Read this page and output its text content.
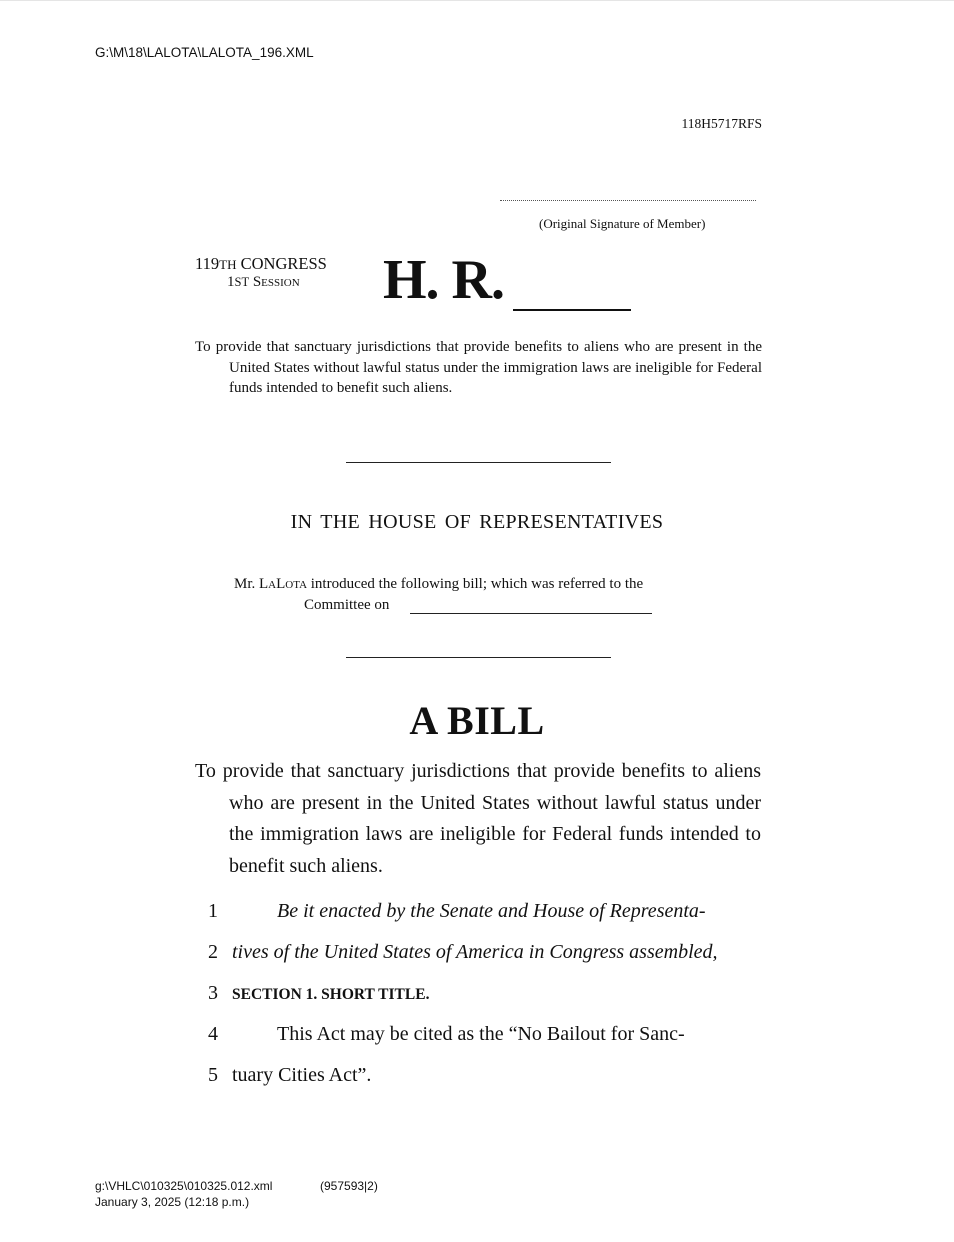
G:\M\18\LALOTA\LALOTA_196.XML
118H5717RFS
(Original Signature of Member)
119TH CONGRESS
1ST Session H. R.

To provide that sanctuary jurisdictions that provide benefits to aliens who are present in the United States without lawful status under the immigration laws are ineligible for Federal funds intended to benefit such aliens.

IN THE HOUSE OF REPRESENTATIVES
Mr. LaLota introduced the following bill; which was referred to the
Committee on
A BILL

To provide that sanctuary jurisdictions that provide benefits to aliens who are present in the United States without lawful status under the immigration laws are ineligible for Federal funds intended to benefit such aliens.

1	Be it enacted by the Senate and House of Representa-
2 tives of the United States of America in Congress assembled,
3 SECTION 1. SHORT TITLE.
4	This Act may be cited as the “No Bailout for Sanc-
5 tuary Cities Act”.
g:\VHLC\010325\010325.012.xml	(957593|2)
January 3, 2025 (12:18 p.m.)
